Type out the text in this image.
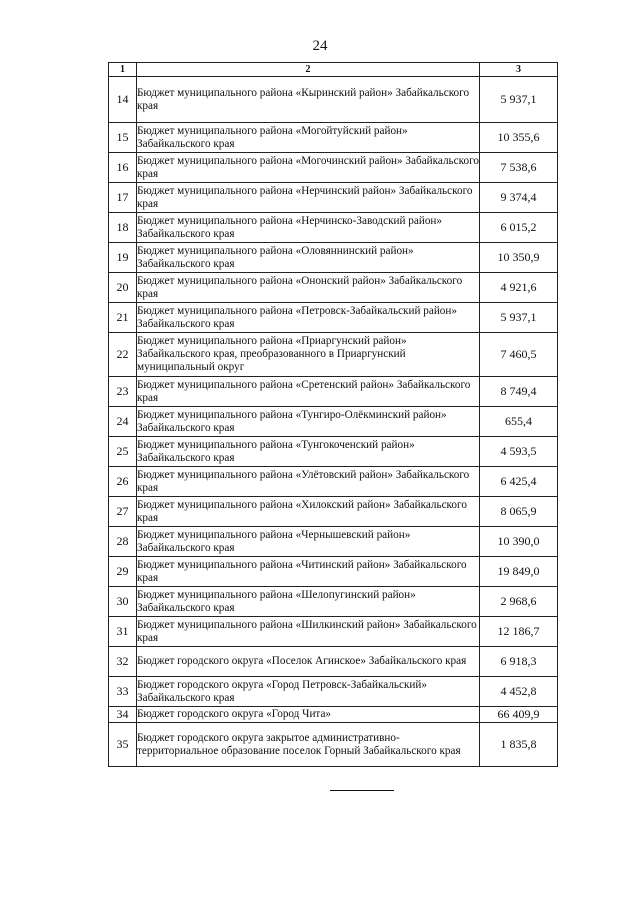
24
1	2	3
14	Бюджет муниципального района «Кыринский район» Забайкальского края	5 937,1
15	Бюджет муниципального района «Могойтуйский район» Забайкальского края	10 355,6
16	Бюджет муниципального района «Могочинский район» Забайкальского края	7 538,6
17	Бюджет муниципального района «Нерчинский район» Забайкальского края	9 374,4
18	Бюджет муниципального района «Нерчинско-Заводский район» Забайкальского края	6 015,2
19	Бюджет муниципального района «Оловяннинский район» Забайкальского края	10 350,9
20	Бюджет муниципального района «Ононский район» Забайкальского края	4 921,6
21	Бюджет муниципального района «Петровск-Забайкальский район» Забайкальского края	5 937,1
22	Бюджет муниципального района «Приаргунский район» Забайкальского края, преобразованного в Приаргунский муниципальный округ	7 460,5
23	Бюджет муниципального района «Сретенский район» Забайкальского края	8 749,4
24	Бюджет муниципального района «Тунгиро-Олёкминский район» Забайкальского края	655,4
25	Бюджет муниципального района «Тунгокоченский район» Забайкальского края	4 593,5
26	Бюджет муниципального района «Улётовский район» Забайкальского края	6 425,4
27	Бюджет муниципального района «Хилокский район» Забайкальского края	8 065,9
28	Бюджет муниципального района «Чернышевский район» Забайкальского края	10 390,0
29	Бюджет муниципального района «Читинский район» Забайкальского края	19 849,0
30	Бюджет муниципального района «Шелопугинский район» Забайкальского края	2 968,6
31	Бюджет муниципального района «Шилкинский район» Забайкальского края	12 186,7
32	Бюджет городского округа «Поселок Агинское» Забайкальского края	6 918,3
33	Бюджет городского округа «Город Петровск-Забайкальский» Забайкальского края	4 452,8
34	Бюджет городского округа «Город Чита»	66 409,9
35	Бюджет городского округа закрытое административно-территориальное образование поселок Горный Забайкальского края	1 835,8
